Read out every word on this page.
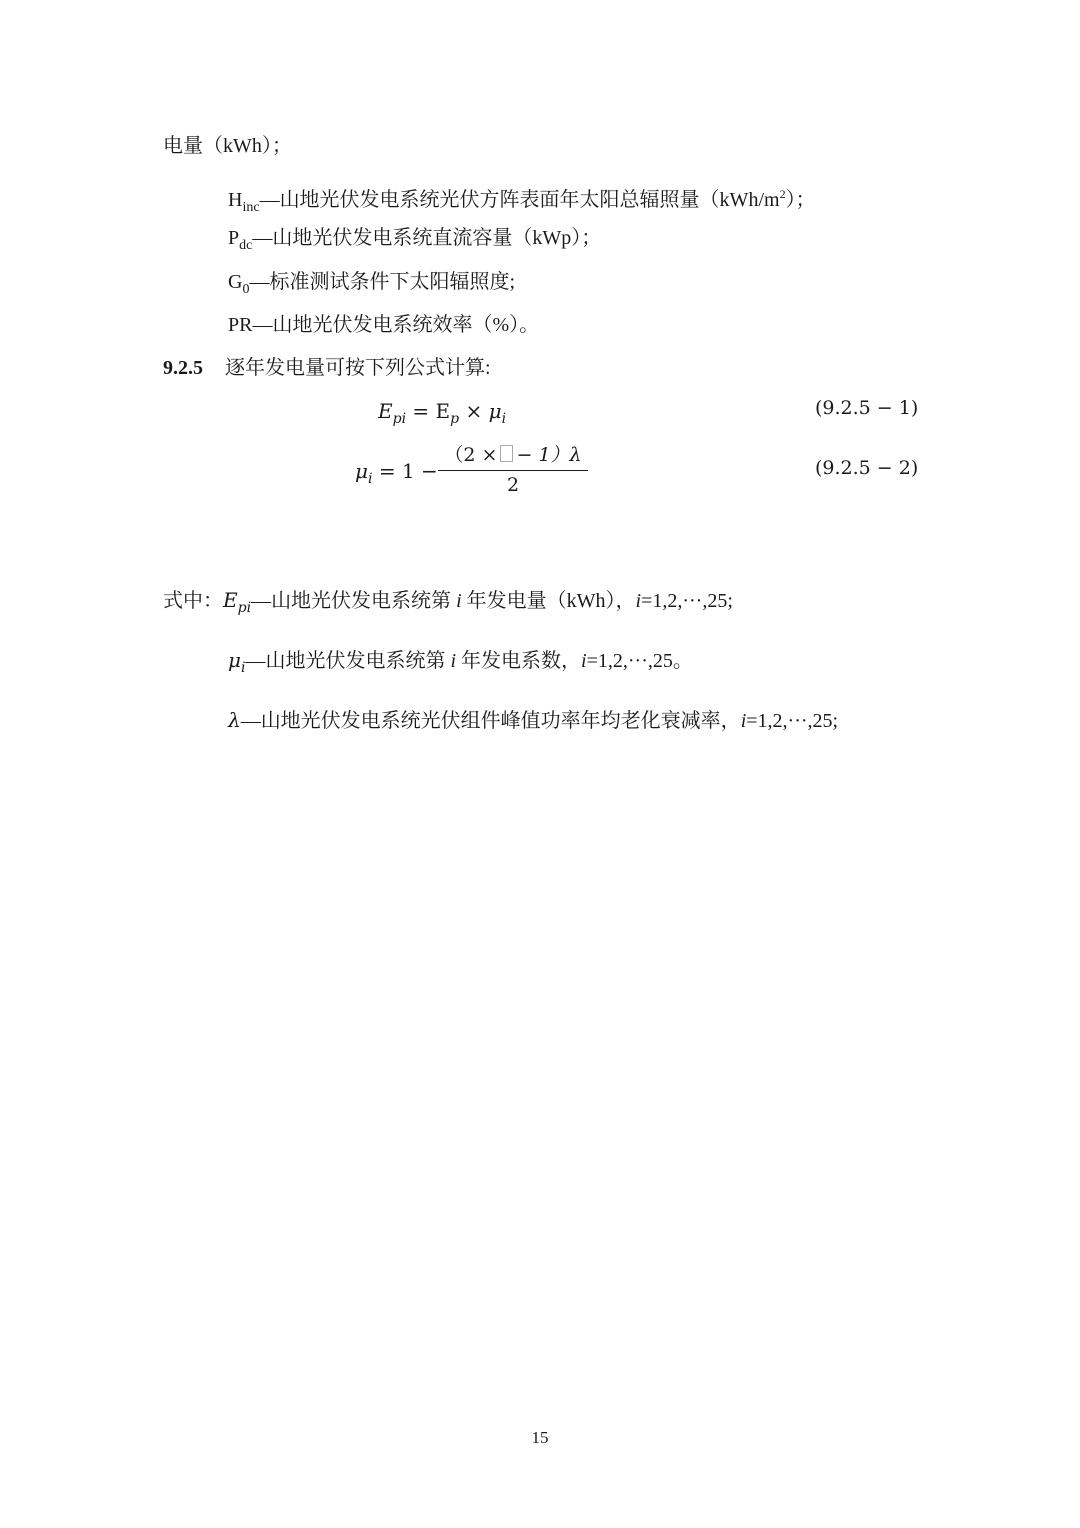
电量（kWh）；
$H_{inc}—$山地光伏发电系统光伏方阵表面年太阳总辐照量$(kWh/m^2)$；
$P_{dc}—$山地光伏发电系统直流容量（kWp）；
$G_0—$标准测试条件下太阳辐照度;
PR—山地光伏发电系统效率（%）。
9.2.5 逐年发电量可按下列公式计算:
$E_{pi} = E_p \times \mu_i$	(9.2.5 − 1)
$\mu_i = 1$ −
（2 × − 1）λ
2
(9.2.5 − 2)
式中：$E_{pi}—$山地光伏发电系统第 i 年发电量（kWh），i=1,2,···,25;
$\mu_i—$山地光伏发电系统第 i 年发电系数，i=1,2,···,25。
λ—山地光伏发电系统光伏组件峰值功率年均老化衰减率，i=1,2,···,25;
15
